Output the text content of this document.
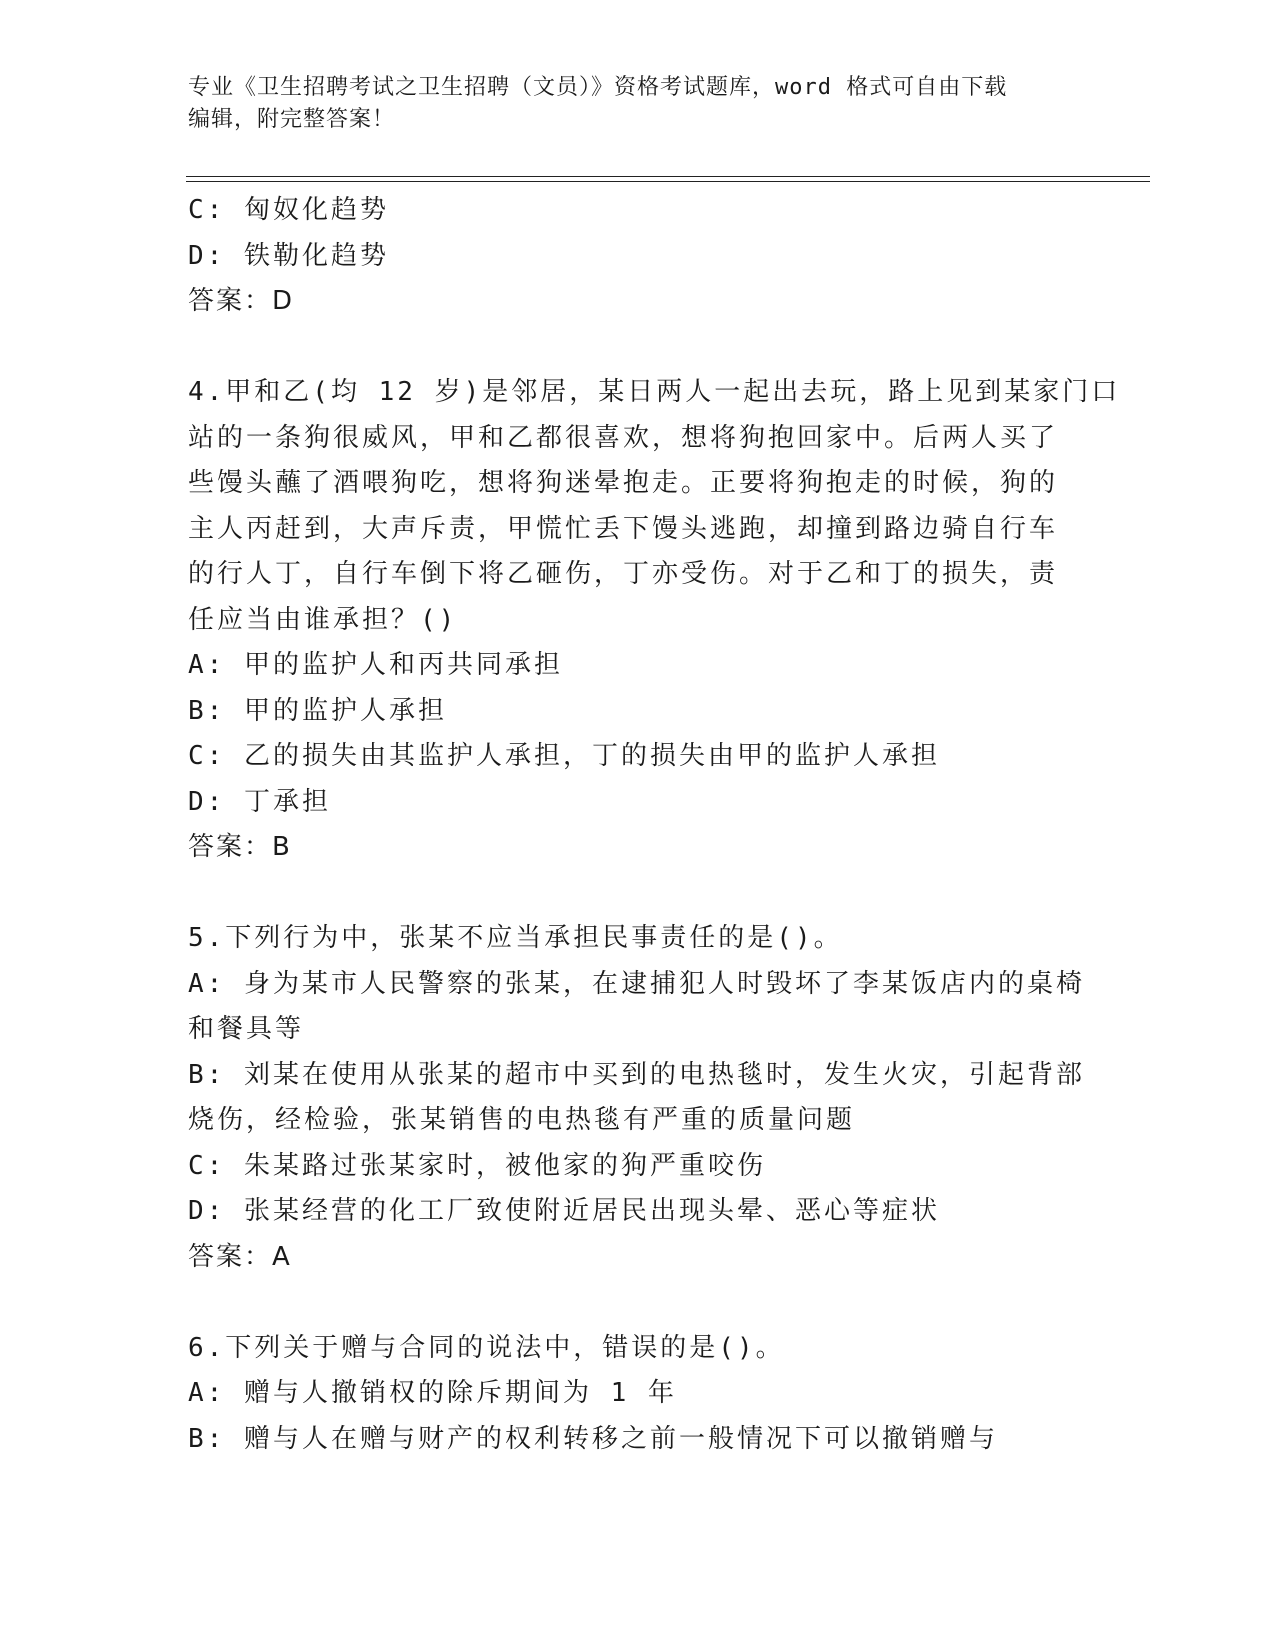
专业《卫生招聘考试之卫生招聘（文员）》资格考试题库，word 格式可自由下载
编辑，附完整答案！
C: 匈奴化趋势
D: 铁勒化趋势
答案：D
4.甲和乙(均 12 岁)是邻居，某日两人一起出去玩，路上见到某家门口
站的一条狗很威风，甲和乙都很喜欢，想将狗抱回家中。后两人买了
些馒头蘸了酒喂狗吃，想将狗迷晕抱走。正要将狗抱走的时候，狗的
主人丙赶到，大声斥责，甲慌忙丢下馒头逃跑，却撞到路边骑自行车
的行人丁，自行车倒下将乙砸伤，丁亦受伤。对于乙和丁的损失，责
任应当由谁承担？()
A: 甲的监护人和丙共同承担
B: 甲的监护人承担
C: 乙的损失由其监护人承担，丁的损失由甲的监护人承担
D: 丁承担
答案：B
5.下列行为中，张某不应当承担民事责任的是()。
A: 身为某市人民警察的张某，在逮捕犯人时毁坏了李某饭店内的桌椅
和餐具等
B: 刘某在使用从张某的超市中买到的电热毯时，发生火灾，引起背部
烧伤，经检验，张某销售的电热毯有严重的质量问题
C: 朱某路过张某家时，被他家的狗严重咬伤
D: 张某经营的化工厂致使附近居民出现头晕、恶心等症状
答案：A
6.下列关于赠与合同的说法中，错误的是()。
A: 赠与人撤销权的除斥期间为 1 年
B: 赠与人在赠与财产的权利转移之前一般情况下可以撤销赠与
